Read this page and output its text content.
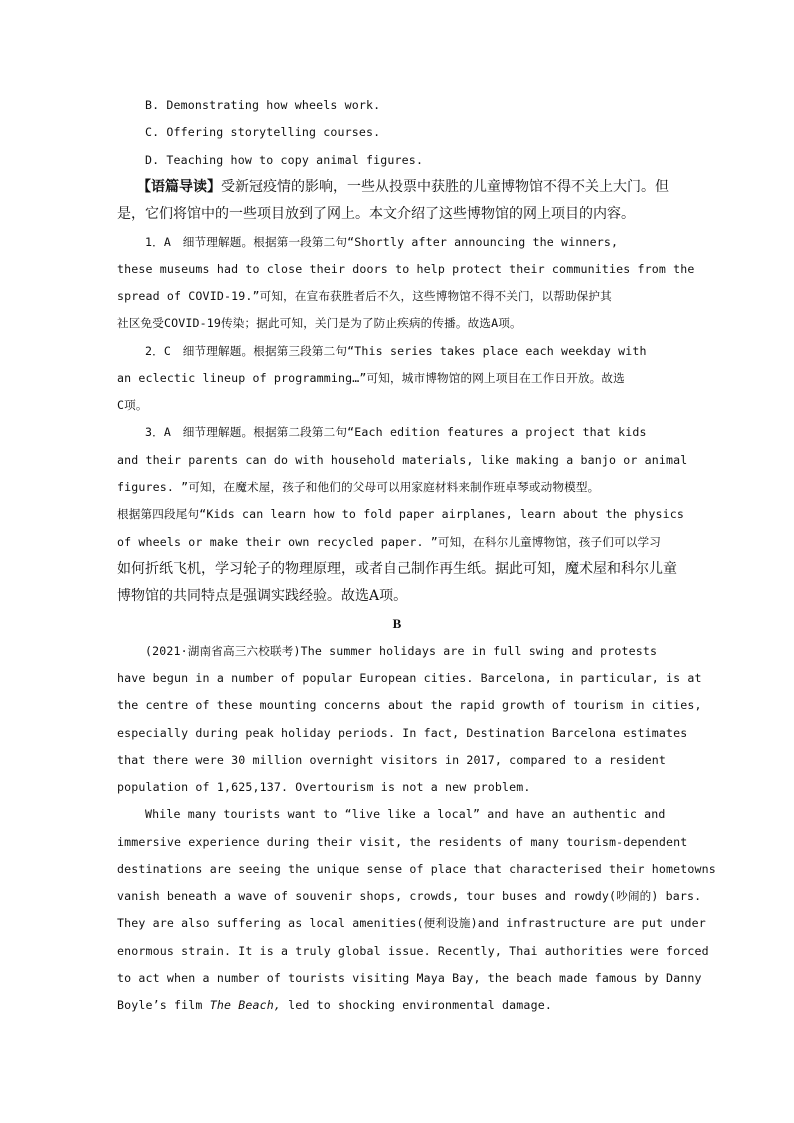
B. Demonstrating how wheels work.
C. Offering storytelling courses.
D. Teaching how to copy animal figures.
【语篇导读】受新冠疫情的影响，一些从投票中获胜的儿童博物馆不得不关上大门。但
是，它们将馆中的一些项目放到了网上。本文介绍了这些博物馆的网上项目的内容。
1．A　细节理解题。根据第一段第二句“Shortly after announcing the winners,
these museums had to close their doors to help protect their communities from the
spread of COVID-19.”可知，在宣布获胜者后不久，这些博物馆不得不关门，以帮助保护其
社区免受COVID-19传染；据此可知，关门是为了防止疾病的传播。故选A项。
2．C　细节理解题。根据第三段第二句“This series takes place each weekday with
an eclectic lineup of programming…”可知，城市博物馆的网上项目在工作日开放。故选
C项。
3．A　细节理解题。根据第二段第二句“Each edition features a project that kids
and their parents can do with household materials, like making a banjo or animal
figures. ”可知，在魔术屋，孩子和他们的父母可以用家庭材料来制作班卓琴或动物模型。
根据第四段尾句“Kids can learn how to fold paper airplanes, learn about the physics
of wheels or make their own recycled paper. ”可知，在科尔儿童博物馆，孩子们可以学习
如何折纸飞机，学习轮子的物理原理，或者自己制作再生纸。据此可知，魔术屋和科尔儿童
博物馆的共同特点是强调实践经验。故选A项。
B
(2021·湖南省高三六校联考)The summer holidays are in full swing and protests
have begun in a number of popular European cities. Barcelona, in particular, is at
the centre of these mounting concerns about the rapid growth of tourism in cities,
especially during peak holiday periods. In fact, Destination Barcelona estimates
that there were 30 million overnight visitors in 2017, compared to a resident
population of 1,625,137. Overtourism is not a new problem.
While many tourists want to “live like a local” and have an authentic and
immersive experience during their visit, the residents of many tourism-dependent
destinations are seeing the unique sense of place that characterised their hometowns
vanish beneath a wave of souvenir shops, crowds, tour buses and rowdy(吵闹的) bars.
They are also suffering as local amenities(便利设施)and infrastructure are put under
enormous strain. It is a truly global issue. Recently, Thai authorities were forced
to act when a number of tourists visiting Maya Bay, the beach made famous by Danny
Boyle’s film The Beach, led to shocking environmental damage.
